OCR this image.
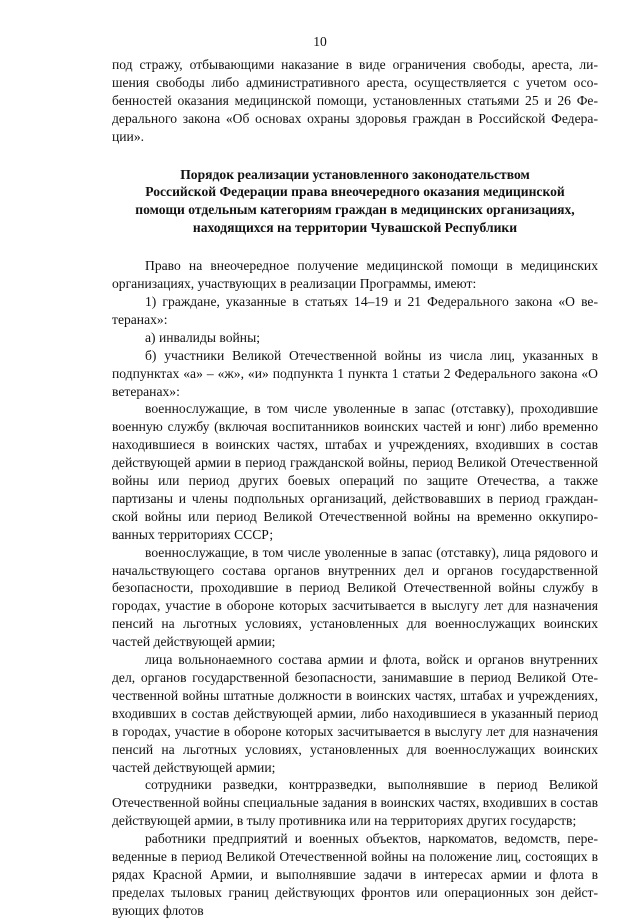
10

под стражу, отбывающими наказание в виде ограничения свободы, ареста, лишения свободы либо административного ареста, осуществляется с учетом особенностей оказания медицинской помощи, установленных статьями 25 и 26 Федерального закона «Об основах охраны здоровья граждан в Российской Федерации».

Порядок реализации установленного законодательством
Российской Федерации права внеочередного оказания медицинской
помощи отдельным категориям граждан в медицинских организациях,
находящихся на территории Чувашской Республики

Право на внеочередное получение медицинской помощи в медицинских организациях, участвующих в реализации Программы, имеют:

1) граждане, указанные в статьях 14–19 и 21 Федерального закона «О ветеранах»:

а) инвалиды войны;

б) участники Великой Отечественной войны из числа лиц, указанных в подпунктах «а» – «ж», «и» подпункта 1 пункта 1 статьи 2 Федерального закона «О ветеранах»:

военнослужащие, в том числе уволенные в запас (отставку), проходившие военную службу (включая воспитанников воинских частей и юнг) либо временно находившиеся в воинских частях, штабах и учреждениях, входивших в состав действующей армии в период гражданской войны, период Великой Отечественной войны или период других боевых операций по защите Отечества, а также партизаны и члены подпольных организаций, действовавших в период гражданской войны или период Великой Отечественной войны на временно оккупированных территориях СССР;

военнослужащие, в том числе уволенные в запас (отставку), лица рядового и начальствующего состава органов внутренних дел и органов государственной безопасности, проходившие в период Великой Отечественной войны службу в городах, участие в обороне которых засчитывается в выслугу лет для назначения пенсий на льготных условиях, установленных для военнослужащих воинских частей действующей армии;

лица вольнонаемного состава армии и флота, войск и органов внутренних дел, органов государственной безопасности, занимавшие в период Великой Отечественной войны штатные должности в воинских частях, штабах и учреждениях, входивших в состав действующей армии, либо находившиеся в указанный период в городах, участие в обороне которых засчитывается в выслугу лет для назначения пенсий на льготных условиях, установленных для военнослужащих воинских частей действующей армии;

сотрудники разведки, контрразведки, выполнявшие в период Великой Отечественной войны специальные задания в воинских частях, входивших в состав действующей армии, в тылу противника или на территориях других государств;

работники предприятий и военных объектов, наркоматов, ведомств, переведенные в период Великой Отечественной войны на положение лиц, состоящих в рядах Красной Армии, и выполнявшие задачи в интересах армии и флота в пределах тыловых границ действующих фронтов или операционных зон действующих флотов
